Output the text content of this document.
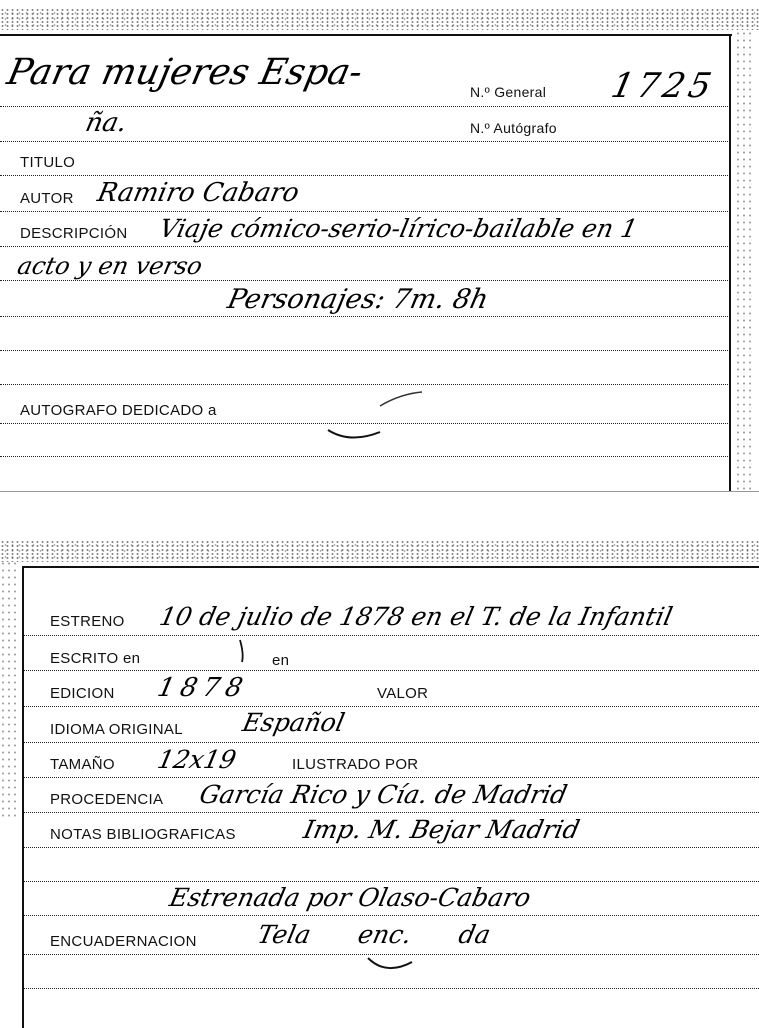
Para mujeres Espa-	N.º General 1725
ña.	N.º Autógrafo
TITULO
AUTOR Ramiro Cabaro
DESCRIPCIÓN Viaje cómico-serio-lírico-bailable en 1
acto y en verso
Personajes: 7m. 8h
AUTOGRAFO DEDICADO a
ESTRENO 10 de julio de 1878 en el T. de la Infantil
ESCRITO en	en
EDICION 1878	VALOR
IDIOMA ORIGINAL Español
TAMAÑO 12x19	ILUSTRADO POR
PROCEDENCIA García Rico y Cía. de Madrid
NOTAS BIBLIOGRAFICAS	Imp. M. Bejar Madrid
Estrenada por Olaso-Cabaro
ENCUADERNACION Tela enc. da
